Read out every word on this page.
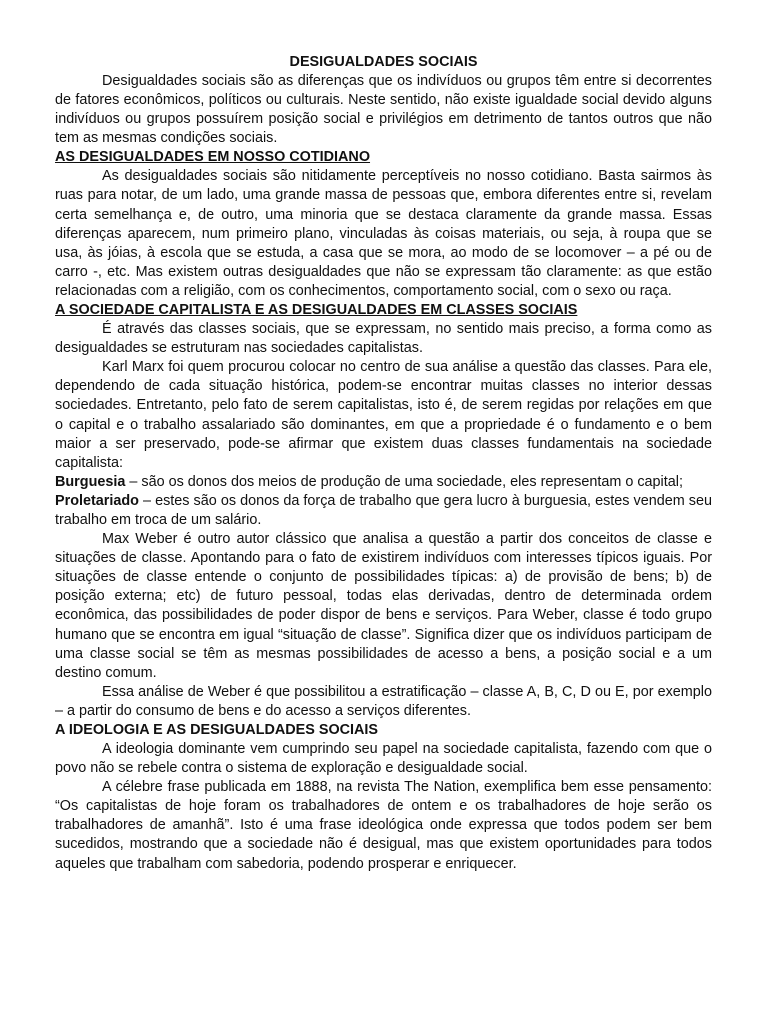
DESIGUALDADES SOCIAIS

Desigualdades sociais são as diferenças que os indivíduos ou grupos têm entre si decorrentes de fatores econômicos, políticos ou culturais. Neste sentido, não existe igualdade social devido alguns indivíduos ou grupos possuírem posição social e privilégios em detrimento de tantos outros que não tem as mesmas condições sociais.

AS DESIGUALDADES EM NOSSO COTIDIANO

As desigualdades sociais são nitidamente perceptíveis no nosso cotidiano. Basta sairmos às ruas para notar, de um lado, uma grande massa de pessoas que, embora diferentes entre si, revelam certa semelhança e, de outro, uma minoria que se destaca claramente da grande massa. Essas diferenças aparecem, num primeiro plano, vinculadas às coisas materiais, ou seja, à roupa que se usa, às jóias, à escola que se estuda, a casa que se mora, ao modo de se locomover – a pé ou de carro -, etc. Mas existem outras desigualdades que não se expressam tão claramente: as que estão relacionadas com a religião, com os conhecimentos, comportamento social, com o sexo ou raça.

A SOCIEDADE CAPITALISTA E AS DESIGUALDADES EM CLASSES SOCIAIS

É através das classes sociais, que se expressam, no sentido mais preciso, a forma como as desigualdades se estruturam nas sociedades capitalistas.

Karl Marx foi quem procurou colocar no centro de sua análise a questão das classes. Para ele, dependendo de cada situação histórica, podem-se encontrar muitas classes no interior dessas sociedades. Entretanto, pelo fato de serem capitalistas, isto é, de serem regidas por relações em que o capital e o trabalho assalariado são dominantes, em que a propriedade é o fundamento e o bem maior a ser preservado, pode-se afirmar que existem duas classes fundamentais na sociedade capitalista:

Burguesia – são os donos dos meios de produção de uma sociedade, eles representam o capital;

Proletariado – estes são os donos da força de trabalho que gera lucro à burguesia, estes vendem seu trabalho em troca de um salário.

Max Weber é outro autor clássico que analisa a questão a partir dos conceitos de classe e situações de classe. Apontando para o fato de existirem indivíduos com interesses típicos iguais. Por situações de classe entende o conjunto de possibilidades típicas: a) de provisão de bens; b) de posição externa; etc) de futuro pessoal, todas elas derivadas, dentro de determinada ordem econômica, das possibilidades de poder dispor de bens e serviços. Para Weber, classe é todo grupo humano que se encontra em igual “situação de classe”. Significa dizer que os indivíduos participam de uma classe social se têm as mesmas possibilidades de acesso a bens, a posição social e a um destino comum.

Essa análise de Weber é que possibilitou a estratificação – classe A, B, C, D ou E, por exemplo – a partir do consumo de bens e do acesso a serviços diferentes.

A IDEOLOGIA E AS DESIGUALDADES SOCIAIS

A ideologia dominante vem cumprindo seu papel na sociedade capitalista, fazendo com que o povo não se rebele contra o sistema de exploração e desigualdade social.

A célebre frase publicada em 1888, na revista The Nation, exemplifica bem esse pensamento: “Os capitalistas de hoje foram os trabalhadores de ontem e os trabalhadores de hoje serão os trabalhadores de amanhã”. Isto é uma frase ideológica onde expressa que todos podem ser bem sucedidos, mostrando que a sociedade não é desigual, mas que existem oportunidades para todos aqueles que trabalham com sabedoria, podendo prosperar e enriquecer.
